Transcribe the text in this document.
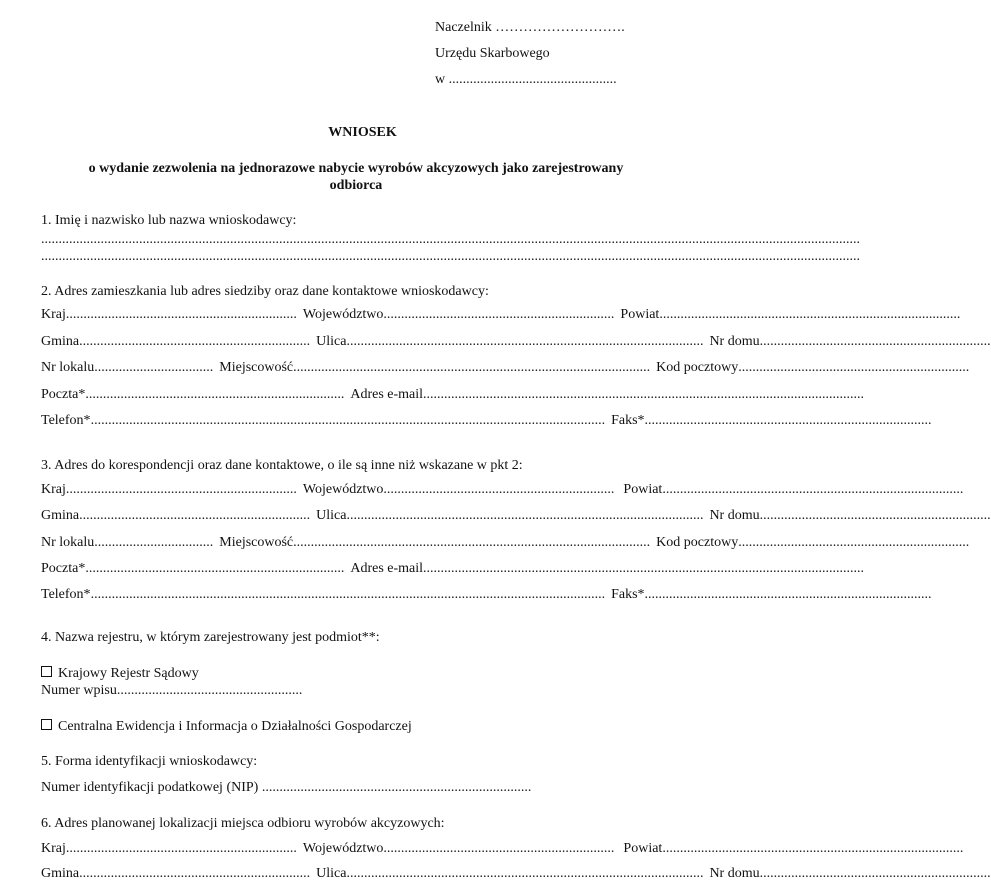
Naczelnik ……………………….
Urzędu Skarbowego
w ................................................
WNIOSEK
o wydanie zezwolenia na jednorazowe nabycie wyrobów akcyzowych jako zarejestrowany
odbiorca
1. Imię i nazwisko lub nazwa wnioskodawcy:
..........................................................................................................................................................................................................................................
..........................................................................................................................................................................................................................................
2. Adres zamieszkania lub adres siedziby oraz dane kontaktowe wnioskodawcy:
Kraj .................................................................. Województwo .................................................................. Powiat ......................................................................................
Gmina .................................................................. Ulica ...................................................................................................... Nr domu ..................................................................
Nr lokalu .................................. Miejscowość ...................................................................................................... Kod pocztowy ..................................................................
Poczta* .......................................................................... Adres e-mail ..............................................................................................................................
Telefon* ................................................................................................................................................... Faks* ..................................................................................
3. Adres do korespondencji oraz dane kontaktowe, o ile są inne niż wskazane w pkt 2:
Kraj .................................................................. Województwo .................................................................. Powiat ......................................................................................
Gmina .................................................................. Ulica ...................................................................................................... Nr domu ..................................................................
Nr lokalu .................................. Miejscowość ...................................................................................................... Kod pocztowy ..................................................................
Poczta* .......................................................................... Adres e-mail ..............................................................................................................................
Telefon* ................................................................................................................................................... Faks* ..................................................................................
4. Nazwa rejestru, w którym zarejestrowany jest podmiot**:
Krajowy Rejestr Sądowy
Numer wpisu.....................................................
Centralna Ewidencja i Informacja o Działalności Gospodarczej
5. Forma identyfikacji wnioskodawcy:
Numer identyfikacji podatkowej (NIP) .............................................................................
6. Adres planowanej lokalizacji miejsca odbioru wyrobów akcyzowych:
Kraj .................................................................. Województwo .................................................................. Powiat ......................................................................................
Gmina .................................................................. Ulica ...................................................................................................... Nr domu ..................................................................
